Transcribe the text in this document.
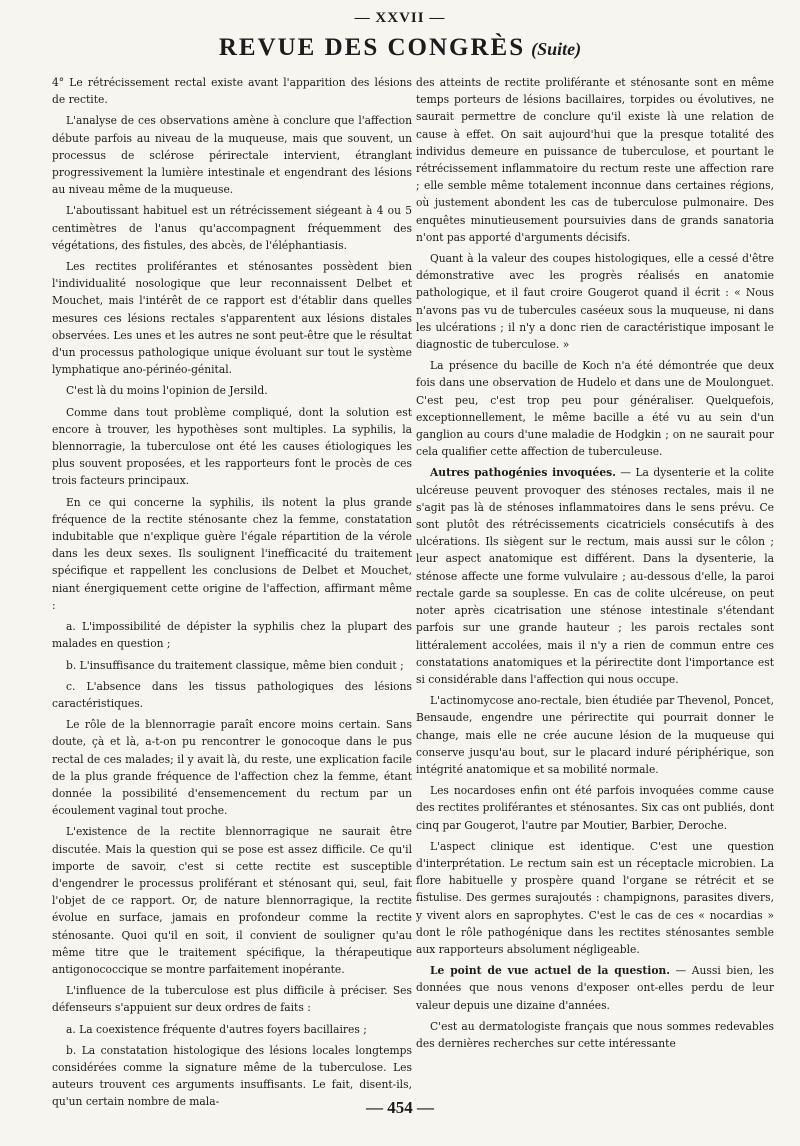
— XXVII —
REVUE DES CONGRÈS (Suite)

4° Le rétrécissement rectal existe avant l'apparition des lésions de rectite.

L'analyse de ces observations amène à conclure que l'affection débute parfois au niveau de la muqueuse, mais que souvent, un processus de sclérose périrectale intervient, étranglant progressivement la lumière intestinale et engendrant des lésions au niveau même de la muqueuse.

L'aboutissant habituel est un rétrécissement siégeant à 4 ou 5 centimètres de l'anus qu'accompagnent fréquemment des végétations, des fistules, des abcès, de l'éléphantiasis.

Les rectites proliférantes et sténosantes possèdent bien l'individualité nosologique que leur reconnaissent Delbet et Mouchet, mais l'intérêt de ce rapport est d'établir dans quelles mesures ces lésions rectales s'apparentent aux lésions distales observées. Les unes et les autres ne sont peut-être que le résultat d'un processus pathologique unique évoluant sur tout le système lymphatique ano-périnéo-génital.

C'est là du moins l'opinion de Jersild.

Comme dans tout problème compliqué, dont la solution est encore à trouver, les hypothèses sont multiples. La syphilis, la blennorragie, la tuberculose ont été les causes étiologiques les plus souvent proposées, et les rapporteurs font le procès de ces trois facteurs principaux.

En ce qui concerne la syphilis, ils notent la plus grande fréquence de la rectite sténosante chez la femme, constatation indubitable que n'explique guère l'égale répartition de la vérole dans les deux sexes. Ils soulignent l'inefficacité du traitement spécifique et rappellent les conclusions de Delbet et Mouchet, niant énergiquement cette origine de l'affection, affirmant même :

a. L'impossibilité de dépister la syphilis chez la plupart des malades en question ;

b. L'insuffisance du traitement classique, même bien conduit ;

c. L'absence dans les tissus pathologiques des lésions caractéristiques.

Le rôle de la blennorragie paraît encore moins certain. Sans doute, çà et là, a-t-on pu rencontrer le gonocoque dans le pus rectal de ces malades; il y avait là, du reste, une explication facile de la plus grande fréquence de l'affection chez la femme, étant donnée la possibilité d'ensemencement du rectum par un écoulement vaginal tout proche.

L'existence de la rectite blennorragique ne saurait être discutée. Mais la question qui se pose est assez difficile. Ce qu'il importe de savoir, c'est si cette rectite est susceptible d'engendrer le processus proliférant et sténosant qui, seul, fait l'objet de ce rapport. Or, de nature blennorragique, la rectite évolue en surface, jamais en profondeur comme la rectite sténosante. Quoi qu'il en soit, il convient de souligner qu'au même titre que le traitement spécifique, la thérapeutique antigonococcique se montre parfaitement inopérante.

L'influence de la tuberculose est plus difficile à préciser. Ses défenseurs s'appuient sur deux ordres de faits :

a. La coexistence fréquente d'autres foyers bacillaires ;

b. La constatation histologique des lésions locales longtemps considérées comme la signature même de la tuberculose. Les auteurs trouvent ces arguments insuffisants. Le fait, disent-ils, qu'un certain nombre de mala-

des atteints de rectite proliférante et sténosante sont en même temps porteurs de lésions bacillaires, torpides ou évolutives, ne saurait permettre de conclure qu'il existe là une relation de cause à effet. On sait aujourd'hui que la presque totalité des individus demeure en puissance de tuberculose, et pourtant le rétrécissement inflammatoire du rectum reste une affection rare ; elle semble même totalement inconnue dans certaines régions, où justement abondent les cas de tuberculose pulmonaire. Des enquêtes minutieusement poursuivies dans de grands sanatoria n'ont pas apporté d'arguments décisifs.

Quant à la valeur des coupes histologiques, elle a cessé d'être démonstrative avec les progrès réalisés en anatomie pathologique, et il faut croire Gougerot quand il écrit : « Nous n'avons pas vu de tubercules caséeux sous la muqueuse, ni dans les ulcérations ; il n'y a donc rien de caractéristique imposant le diagnostic de tuberculose. »

La présence du bacille de Koch n'a été démontrée que deux fois dans une observation de Hudelo et dans une de Moulonguet. C'est peu, c'est trop peu pour généraliser. Quelquefois, exceptionnellement, le même bacille a été vu au sein d'un ganglion au cours d'une maladie de Hodgkin ; on ne saurait pour cela qualifier cette affection de tuberculeuse.

Autres pathogénies invoquées. — La dysenterie et la colite ulcéreuse peuvent provoquer des sténoses rectales, mais il ne s'agit pas là de sténoses inflammatoires dans le sens prévu. Ce sont plutôt des rétrécissements cicatriciels consécutifs à des ulcérations. Ils siègent sur le rectum, mais aussi sur le côlon ; leur aspect anatomique est différent. Dans la dysenterie, la sténose affecte une forme vulvulaire ; au-dessous d'elle, la paroi rectale garde sa souplesse. En cas de colite ulcéreuse, on peut noter après cicatrisation une sténose intestinale s'étendant parfois sur une grande hauteur ; les parois rectales sont littéralement accolées, mais il n'y a rien de commun entre ces constatations anatomiques et la périrectite dont l'importance est si considérable dans l'affection qui nous occupe.

L'actinomycose ano-rectale, bien étudiée par Thevenol, Poncet, Bensaude, engendre une périrectite qui pourrait donner le change, mais elle ne crée aucune lésion de la muqueuse qui conserve jusqu'au bout, sur le placard induré périphérique, son intégrité anatomique et sa mobilité normale.

Les nocardoses enfin ont été parfois invoquées comme cause des rectites proliférantes et sténosantes. Six cas ont publiés, dont cinq par Gougerot, l'autre par Moutier, Barbier, Deroche.

L'aspect clinique est identique. C'est une question d'interprétation. Le rectum sain est un réceptacle microbien. La flore habituelle y prospère quand l'organe se rétrécit et se fistulise. Des germes surajoutés : champignons, parasites divers, y vivent alors en saprophytes. C'est le cas de ces « nocardias » dont le rôle pathogénique dans les rectites sténosantes semble aux rapporteurs absolument négligeable.

Le point de vue actuel de la question. — Aussi bien, les données que nous venons d'exposer ont-elles perdu de leur valeur depuis une dizaine d'années.

C'est au dermatologiste français que nous sommes redevables des dernières recherches sur cette intéressante

— 454 —
